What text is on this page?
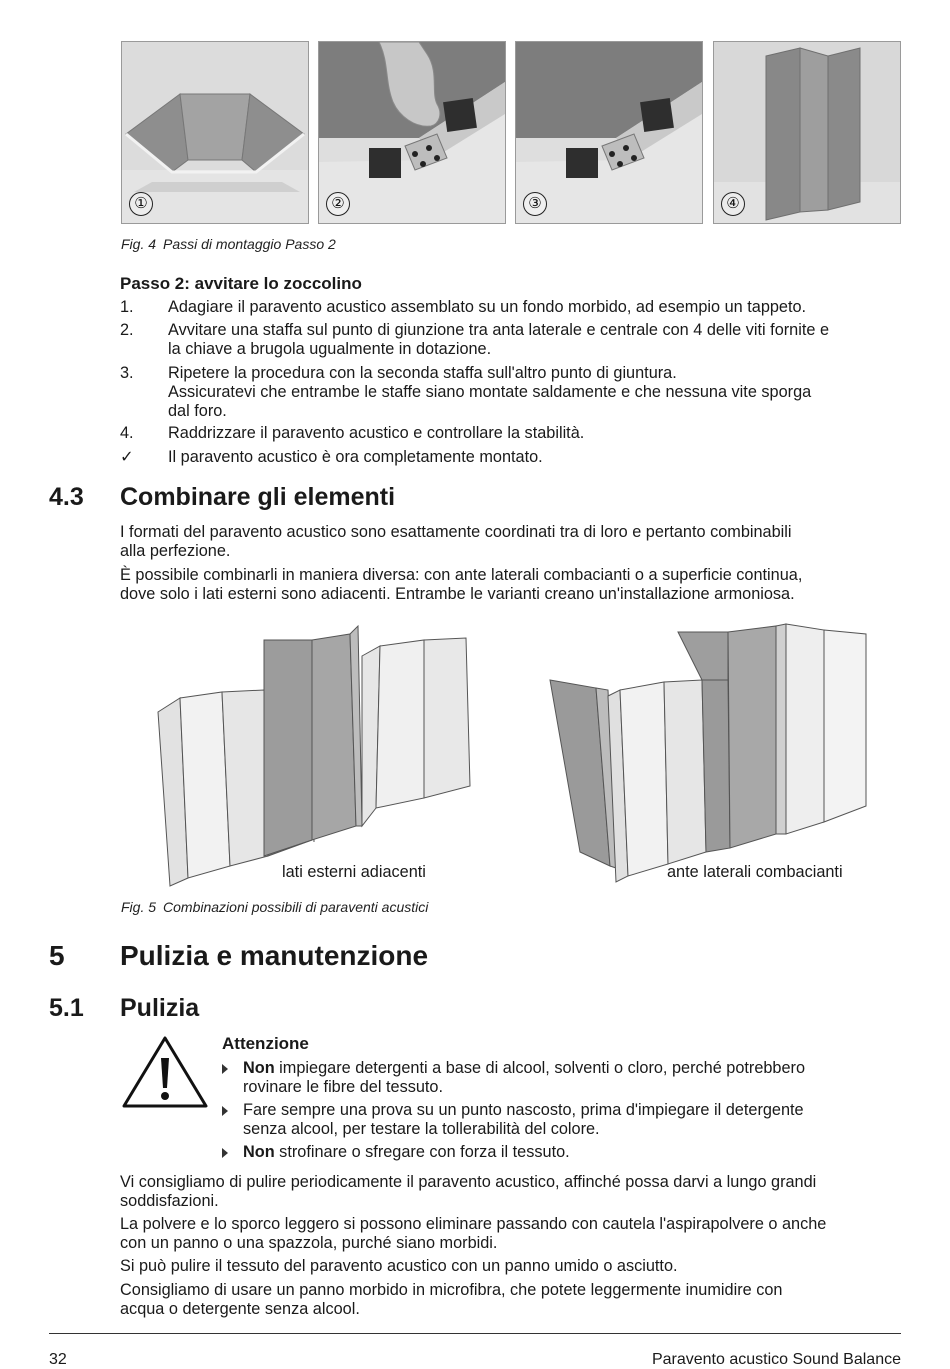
①	②	③	④
Fig. 4 Passi di montaggio Passo 2
Passo 2: avvitare lo zoccolino
1.	Adagiare il paravento acustico assemblato su un fondo morbido, ad esempio un tappeto.
2.	Avvitare una staffa sul punto di giunzione tra anta laterale e centrale con 4 delle viti fornite e
la chiave a brugola ugualmente in dotazione.
3.	Ripetere la procedura con la seconda staffa sull'altro punto di giuntura.
Assicuratevi che entrambe le staffe siano montate saldamente e che nessuna vite sporga
dal foro.
4.	Raddrizzare il paravento acustico e controllare la stabilità.
✓	Il paravento acustico è ora completamente montato.
4.3 Combinare gli elementi
I formati del paravento acustico sono esattamente coordinati tra di loro e pertanto combinabili
alla perfezione.
È possibile combinarli in maniera diversa: con ante laterali combacianti o a superficie continua,
dove solo i lati esterni sono adiacenti. Entrambe le varianti creano un'installazione armoniosa.
lati esterni adiacenti	ante laterali combacianti
Fig. 5 Combinazioni possibili di paraventi acustici
5 Pulizia e manutenzione
5.1 Pulizia
Attenzione
Non impiegare detergenti a base di alcool, solventi o cloro, perché potrebbero
rovinare le fibre del tessuto.
Fare sempre una prova su un punto nascosto, prima d'impiegare il detergente
senza alcool, per testare la tollerabilità del colore.
Non strofinare o sfregare con forza il tessuto.
Vi consigliamo di pulire periodicamente il paravento acustico, affinché possa darvi a lungo grandi
soddisfazioni.
La polvere e lo sporco leggero si possono eliminare passando con cautela l'aspirapolvere o anche
con un panno o una spazzola, purché siano morbidi.
Si può pulire il tessuto del paravento acustico con un panno umido o asciutto.
Consigliamo di usare un panno morbido in microfibra, che potete leggermente inumidire con
acqua o detergente senza alcool.
32	Paravento acustico Sound Balance
